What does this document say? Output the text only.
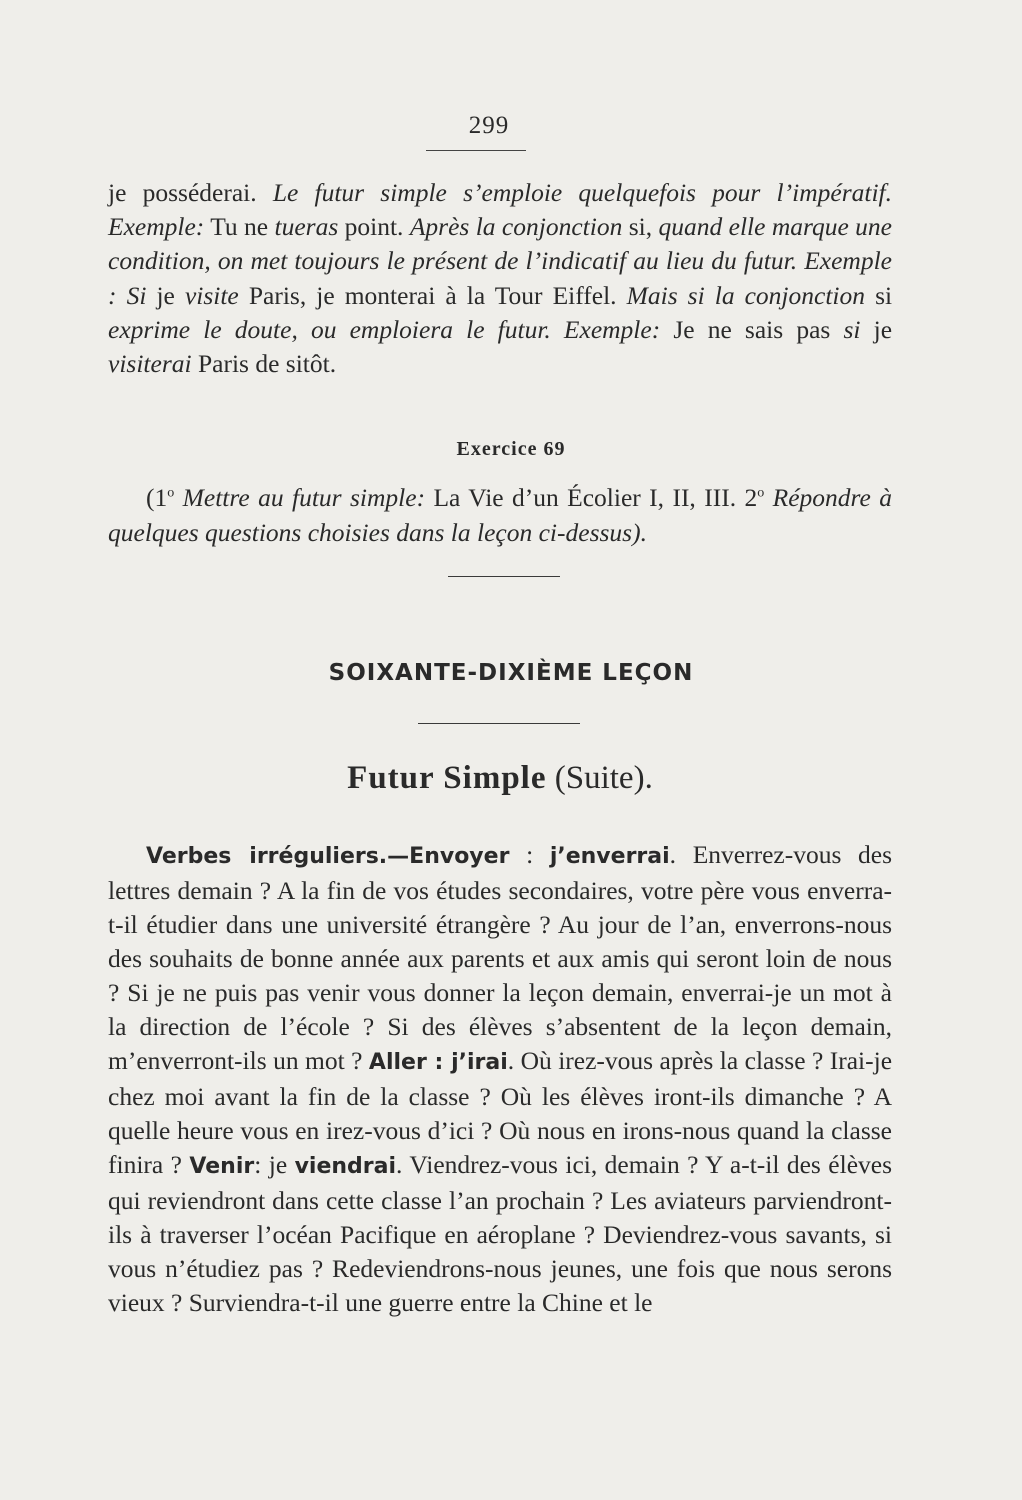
299
je posséderai. Le futur simple s’emploie quelquefois pour l’impératif. Exemple: Tu ne tueras point. Après la conjonction si, quand elle marque une condition, on met toujours le présent de l’indicatif au lieu du futur. Exemple : Si je visite Paris, je monterai à la Tour Eiffel. Mais si la conjonction si exprime le doute, ou emploiera le futur. Exemple: Je ne sais pas si je visiterai Paris de sitôt.
Exercice 69
(1$^o$ Mettre au futur simple: La Vie d’un Écolier I, II, III. 2$^o$ Répondre à quelques questions choisies dans la leçon ci-dessus).
SOIXANTE-DIXIÈME LEÇON
Futur Simple (Suite).
Verbes irréguliers.—Envoyer : j’enverrai. Enverrez-vous des lettres demain ? A la fin de vos études secondaires, votre père vous enverra-t-il étudier dans une université étrangère ? Au jour de l’an, enverrons-nous des souhaits de bonne année aux parents et aux amis qui seront loin de nous ? Si je ne puis pas venir vous donner la leçon demain, enverrai-je un mot à la direction de l’école ? Si des élèves s’absentent de la leçon demain, m’enverront-ils un mot ? Aller : j’irai. Où irez-vous après la classe ? Irai-je chez moi avant la fin de la classe ? Où les élèves iront-ils dimanche ? A quelle heure vous en irez-vous d’ici ? Où nous en irons-nous quand la classe finira ? Venir: je viendrai. Viendrez-vous ici, demain ? Y a-t-il des élèves qui reviendront dans cette classe l’an prochain ? Les aviateurs parviendront-ils à traverser l’océan Pacifique en aéroplane ? Deviendrez-vous savants, si vous n’étudiez pas ? Redeviendrons-nous jeunes, une fois que nous serons vieux ? Surviendra-t-il une guerre entre la Chine et le
